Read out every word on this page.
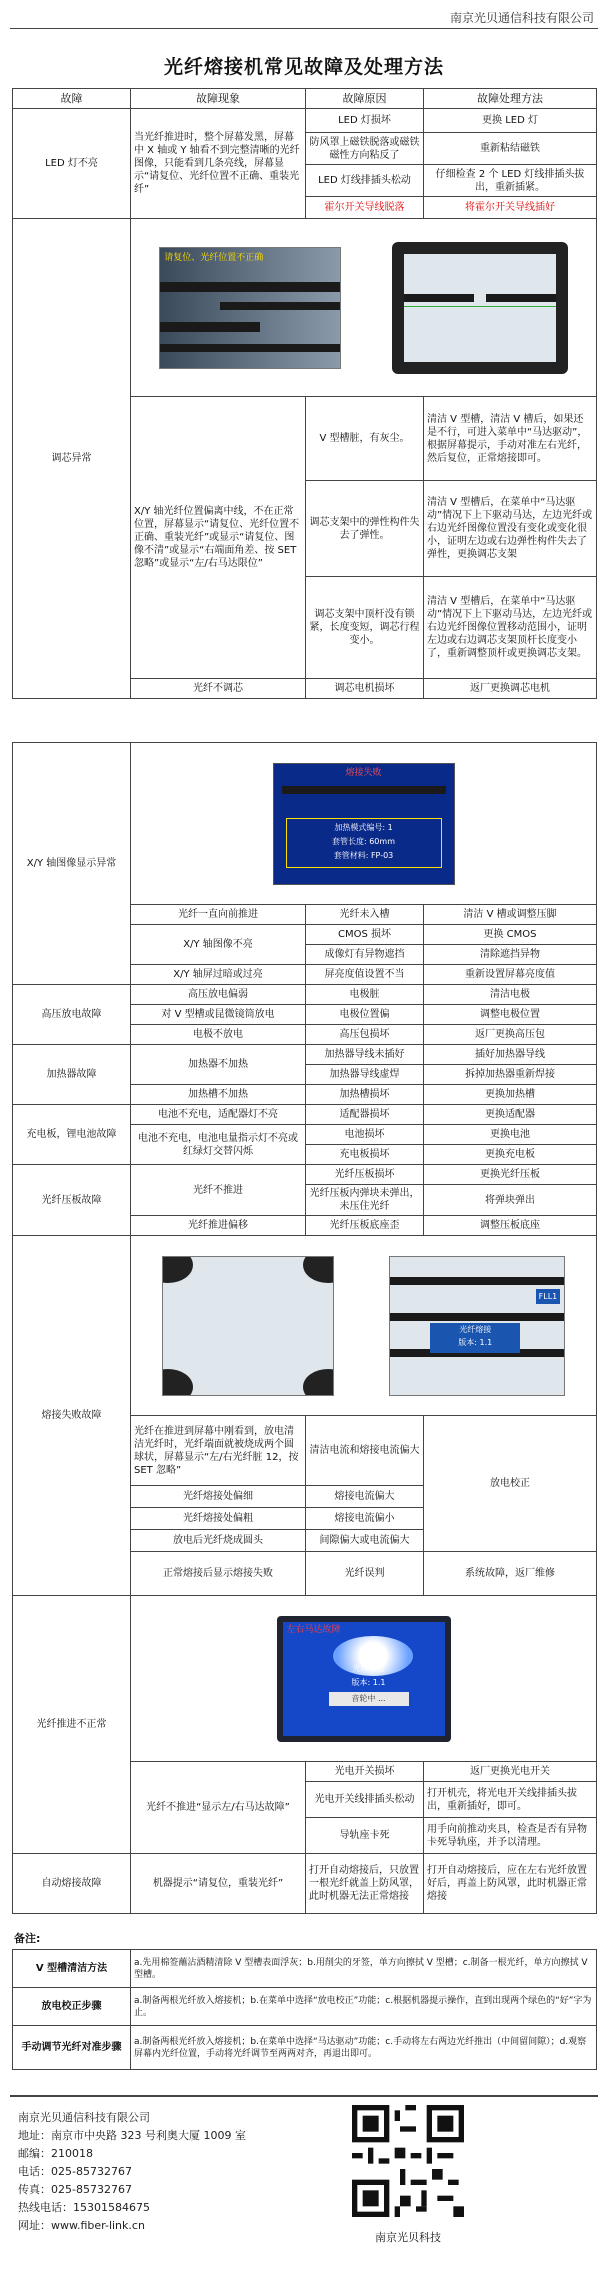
南京光贝通信科技有限公司
光纤熔接机常见故障及处理方法
故障	故障现象	故障原因	故障处理方法
LED 灯不亮	当光纤推进时，整个屏幕发黑，屏幕中 X 轴或 Y 轴看不到完整清晰的光纤图像，只能看到几条亮线，屏幕显示“请复位、光纤位置不正确、重装光纤”	LED 灯损坏	更换 LED 灯
		防风罩上磁铁脱落或磁铁磁性方向粘反了	重新粘结磁铁
		LED 灯线排插头松动	仔细检查 2 个 LED 灯线排插头拔出，重新插紧。
		霍尔开关导线脱落	将霍尔开关导线插好
调芯异常	请复位、光纤位置不正确		

	X/Y 轴光纤位置偏离中线，不在正常位置，屏幕显示“请复位、光纤位置不正确、重装光纤”或显示“请复位、图像不清”或显示“右端面角差、按 SET 忽略”或显示“左/右马达限位”	V 型槽脏，有灰尘。	清洁 V 型槽，清洁 V 槽后，如果还是不行，可进入菜单中“马达驱动”，根据屏幕提示，手动对准左右光纤，然后复位，正常熔接即可。
		调芯支架中的弹性构件失去了弹性。	清洁 V 型槽后，在菜单中“马达驱动”情况下上下驱动马达，左边光纤或右边光纤图像位置没有变化或变化很小，证明左边或右边弹性构件失去了弹性，更换调芯支架
		调芯支架中顶杆没有锁紧，长度变短，调芯行程变小。	清洁 V 型槽后，在菜单中“马达驱动”情况下上下驱动马达，左边光纤或右边光纤图像位置移动范围小，证明左边或右边调芯支架顶杆长度变小了，重新调整顶杆或更换调芯支架。
	光纤不调芯	调芯电机损坏	返厂更换调芯电机
X/Y 轴图像显示异常	熔接失败
加热模式编号: 1
套管长度: 60mm
套管材料: FP-03		

	光纤一直向前推进	光纤未入槽	清洁 V 槽或调整压脚
	X/Y 轴图像不亮	CMOS 损坏	更换 CMOS
		成像灯有异物遮挡	清除遮挡异物
	X/Y 轴屏过暗或过亮	屏亮度值设置不当	重新设置屏幕亮度值
高压放电故障	高压放电偏弱	电极脏	清洁电极
	对 V 型槽或昆微镜筒放电	电极位置偏	调整电极位置
	电极不放电	高压包损坏	返厂更换高压包
加热器故障	加热器不加热	加热器导线未插好	插好加热器导线
		加热器导线虚焊	拆掉加热器重新焊接
	加热槽不加热	加热槽损坏	更换加热槽
充电板，锂电池故障	电池不充电，适配器灯不亮	适配器损坏	更换适配器
	电池不充电，电池电量指示灯不亮或红绿灯交替闪烁	电池损坏	更换电池
		充电板损坏	更换充电板
光纤压板故障	光纤不推进	光纤压板损坏	更换光纤压板
		光纤压板内弹块未弹出，未压住光纤	将弹块弹出
	光纤推进偏移	光纤压板底座歪	调整压板底座
熔接失败故障	FLL1
光纤熔接
版本: 1.1		

	光纤在推进到屏幕中刚看到，放电清洁光纤时，光纤端面就被烧成两个圆球状，屏幕显示“左/右光纤脏 12，按 SET 忽略”	清洁电流和熔接电流偏大	放电校正
	光纤熔接处偏细	熔接电流偏大	
	光纤熔接处偏粗	熔接电流偏小	
	放电后光纤烧成圆头	间隙偏大或电流偏大	
	正常熔接后显示熔接失败	光纤误判	系统故障，返厂维修
光纤推进不正常	左右马达故障
光纤熔接
版本: 1.1
音轮中 ...		

	光纤不推进“显示左/右马达故障”	光电开关损坏	返厂更换光电开关
		光电开关线排插头松动	打开机壳，将光电开关线排插头拔出，重新插好，即可。
		导轨座卡死	用手向前推动夹具，检查是否有异物卡死导轨座，并予以清理。
自动熔接故障	机器提示“请复位，重装光纤”	打开自动熔接后，只放置一根光纤就盖上防风罩，此时机器无法正常熔接	打开自动熔接后，应在左右光纤放置好后，再盖上防风罩，此时机器正常熔接
备注:
V 型槽清洁方法	a.先用棉签蘸沾酒精清除 V 型槽表面浮灰；b.用削尖的牙签，单方向擦拭 V 型槽；c.制备一根光纤，单方向擦拭 V 型槽。
放电校正步骤	a.制备两根光纤放入熔接机；b.在菜单中选择“放电校正”功能；c.根据机器提示操作，直到出现两个绿色的“好”字为止。
手动调节光纤对准步骤	a.制备两根光纤放入熔接机；b.在菜单中选择“马达驱动”功能；c.手动将左右两边光纤推出（中间留间隙）；d.观察屏幕内光纤位置，手动将光纤调节至两两对齐，再退出即可。
南京光贝通信科技有限公司
地址：南京市中央路 323 号利奥大厦 1009 室
邮编：210018
电话：025-85732767
传真：025-85732767
热线电话：15301584675
网址：www.fiber-link.cn
南京光贝科技
